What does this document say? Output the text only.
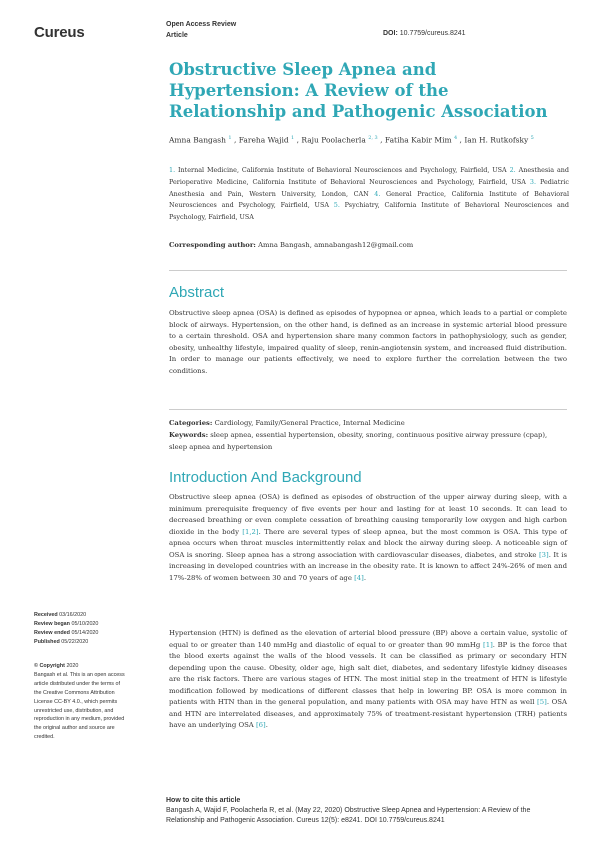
Cureus	Open Access Review
Article	DOI: 10.7759/cureus.8241
Obstructive Sleep Apnea and Hypertension: A Review of the Relationship and Pathogenic Association
Amna Bangash $^1$ , Fareha Wajid $^1$ , Raju Poolacherla $^{2, 3}$ , Fatiha Kabir Mim $^4$ , Ian H. Rutkofsky $^5$
1. Internal Medicine, California Institute of Behavioral Neurosciences and Psychology, Fairfield, USA 2. Anesthesia and Perioperative Medicine, California Institute of Behavioral Neurosciences and Psychology, Fairfield, USA 3. Pediatric Anesthesia and Pain, Western University, London, CAN 4. General Practice, California Institute of Behavioral Neurosciences and Psychology, Fairfield, USA 5. Psychiatry, California Institute of Behavioral Neurosciences and Psychology, Fairfield, USA
Corresponding author: Amna Bangash, amnabangash12@gmail.com
Abstract
Obstructive sleep apnea (OSA) is defined as episodes of hypopnea or apnea, which leads to a partial or complete block of airways. Hypertension, on the other hand, is defined as an increase in systemic arterial blood pressure to a certain threshold. OSA and hypertension share many common factors in pathophysiology, such as gender, obesity, unhealthy lifestyle, impaired quality of sleep, renin-angiotensin system, and increased fluid distribution. In order to manage our patients effectively, we need to explore further the correlation between the two conditions.
Categories: Cardiology, Family/General Practice, Internal Medicine
Keywords: sleep apnea, essential hypertension, obesity, snoring, continuous positive airway pressure (cpap), sleep apnea and hypertension
Introduction And Background
Obstructive sleep apnea (OSA) is defined as episodes of obstruction of the upper airway during sleep, with a minimum prerequisite frequency of five events per hour and lasting for at least 10 seconds. It can lead to decreased breathing or even complete cessation of breathing causing temporarily low oxygen and high carbon dioxide in the body [1,2]. There are several types of sleep apnea, but the most common is OSA. This type of apnea occurs when throat muscles intermittently relax and block the airway during sleep. A noticeable sign of OSA is snoring. Sleep apnea has a strong association with cardiovascular diseases, diabetes, and stroke [3]. It is increasing in developed countries with an increase in the obesity rate. It is known to affect 24%-26% of men and 17%-28% of women between 30 and 70 years of age [4].
Hypertension (HTN) is defined as the elevation of arterial blood pressure (BP) above a certain value, systolic of equal to or greater than 140 mmHg and diastolic of equal to or greater than 90 mmHg [1]. BP is the force that the blood exerts against the walls of the blood vessels. It can be classified as primary or secondary HTN depending upon the cause. Obesity, older age, high salt diet, diabetes, and sedentary lifestyle kidney diseases are the risk factors. There are various stages of HTN. The most initial step in the treatment of HTN is lifestyle modification followed by medications of different classes that help in lowering BP. OSA is more common in patients with HTN than in the general population, and many patients with OSA may have HTN as well [5]. OSA and HTN are interrelated diseases, and approximately 75% of treatment-resistant hypertension (TRH) patients have an underlying OSA [6].
Received 03/16/2020
Review began 05/10/2020
Review ended 05/14/2020
Published 05/22/2020
© Copyright 2020
Bangash et al. This is an open access article distributed under the terms of the Creative Commons Attribution License CC-BY 4.0., which permits unrestricted use, distribution, and reproduction in any medium, provided the original author and source are credited.
How to cite this article
Bangash A, Wajid F, Poolacherla R, et al. (May 22, 2020) Obstructive Sleep Apnea and Hypertension: A Review of the Relationship and Pathogenic Association. Cureus 12(5): e8241. DOI 10.7759/cureus.8241
